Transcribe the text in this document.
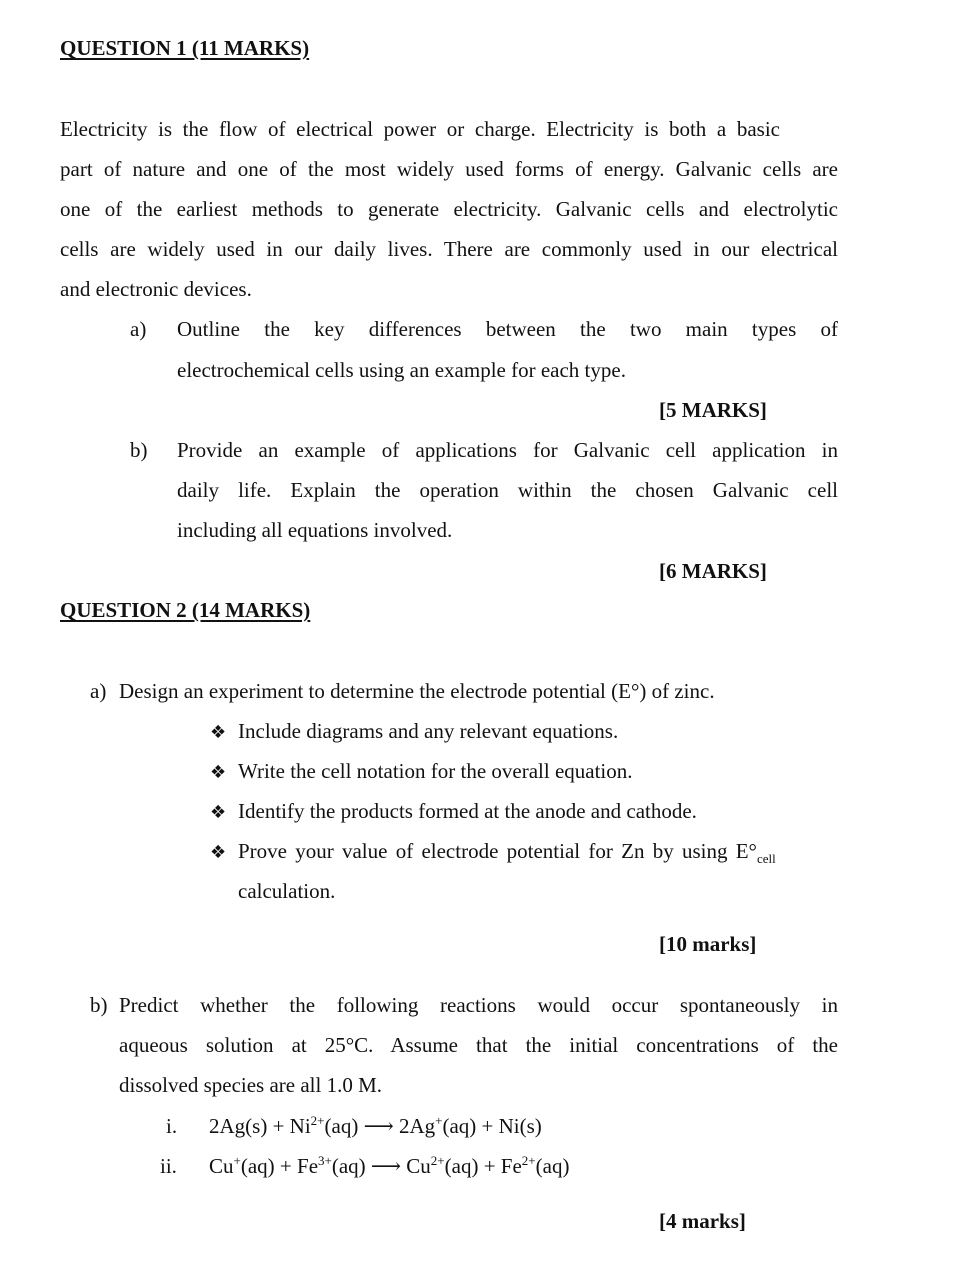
QUESTION 1 (11 MARKS)
Electricity is the flow of electrical power or charge. Electricity is both a basic
part of nature and one of the most widely used forms of energy. Galvanic cells are
one of the earliest methods to generate electricity. Galvanic cells and electrolytic
cells are widely used in our daily lives. There are commonly used in our electrical
and electronic devices.
a) Outline the key differences between the two main types of
electrochemical cells using an example for each type.
[5 MARKS]
b) Provide an example of applications for Galvanic cell application in
daily life. Explain the operation within the chosen Galvanic cell
including all equations involved.
[6 MARKS]
QUESTION 2 (14 MARKS)
a) Design an experiment to determine the electrode potential (E°) of zinc.
❖ Include diagrams and any relevant equations.
❖ Write the cell notation for the overall equation.
❖ Identify the products formed at the anode and cathode.
❖ Prove your value of electrode potential for Zn by using $E^\circ_{cell}$
calculation.
[10 marks]
b) Predict whether the following reactions would occur spontaneously in
aqueous solution at 25°C. Assume that the initial concentrations of the
dissolved species are all 1.0 M.
i. $2Ag(s) + Ni^{2+}(aq)$ ⟶ 2Ag+(aq) + Ni(s)
ii. $Cu^+(aq) + Fe^{3+}(aq)$ ⟶ $Cu^{2+}(aq) + Fe^{2+}(aq)$
[4 marks]
